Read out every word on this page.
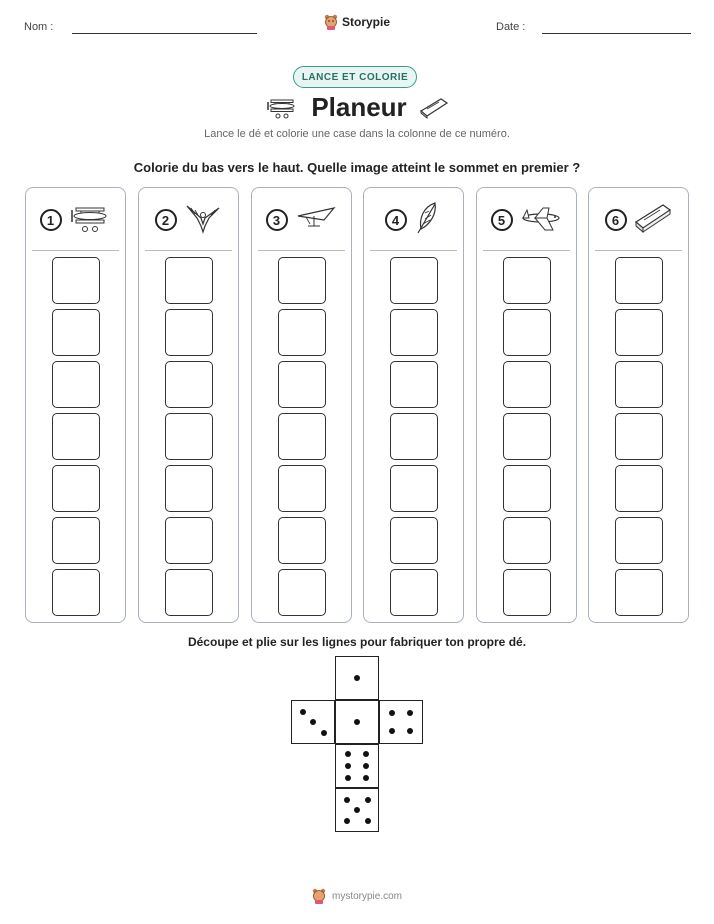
Nom :	Storypie	Date :
LANCE ET COLORIE
Planeur
Lance le dé et colorie une case dans la colonne de ce numéro.
Colorie du bas vers le haut. Quelle image atteint le sommet en premier ?
1	2	3	4	5	6
Découpe et plie sur les lignes pour fabriquer ton propre dé.
mystorypie.com
